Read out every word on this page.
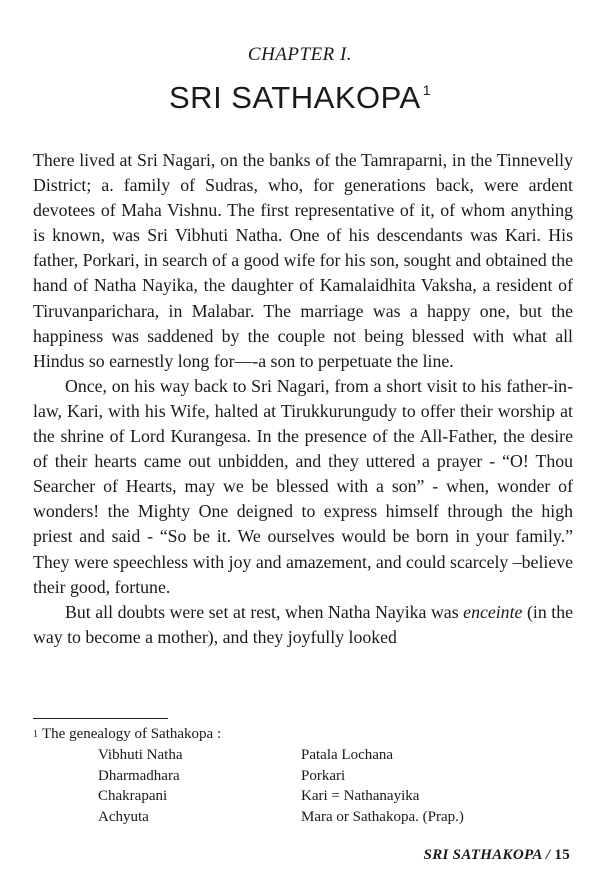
CHAPTER I.
SRI SATHAKOPA $^1$

There lived at Sri Nagari, on the banks of the Tamraparni, in the Tinnevelly District; a. family of Sudras, who, for generations back, were ardent devotees of Maha Vishnu. The first representative of it, of whom anything is known, was Sri Vibhuti Natha. One of his descendants was Kari. His father, Porkari, in search of a good wife for his son, sought and obtained the hand of Natha Nayika, the daughter of Kamalaidhita Vaksha, a resident of Tiruvanparichara, in Malabar. The marriage was a happy one, but the happiness was saddened by the couple not being blessed with what all Hindus so earnestly long for—-a son to perpetuate the line.

Once, on his way back to Sri Nagari, from a short visit to his father-in-law, Kari, with his Wife, halted at Tirukkurungudy to offer their worship at the shrine of Lord Kurangesa. In the presence of the All-Father, the desire of their hearts came out unbidden, and they uttered a prayer - “O! Thou Searcher of Hearts, may we be blessed with a son” - when, wonder of wonders! the Mighty One deigned to express himself through the high priest and said - “So be it. We ourselves would be born in your family.” They were speechless with joy and amazement, and could scarcely –believe their good, fortune.

But all doubts were set at rest, when Natha Nayika was enceinte (in the way to become a mother), and they joyfully looked

$^1$ The genealogy of Sathakopa :
Vibhuti Natha
Dharmadhara
Chakrapani
Achyuta
Patala Lochana
Porkari
Kari = Nathanayika
Mara or Sathakopa. (Prap.)
SRI SATHAKOPA / 15
